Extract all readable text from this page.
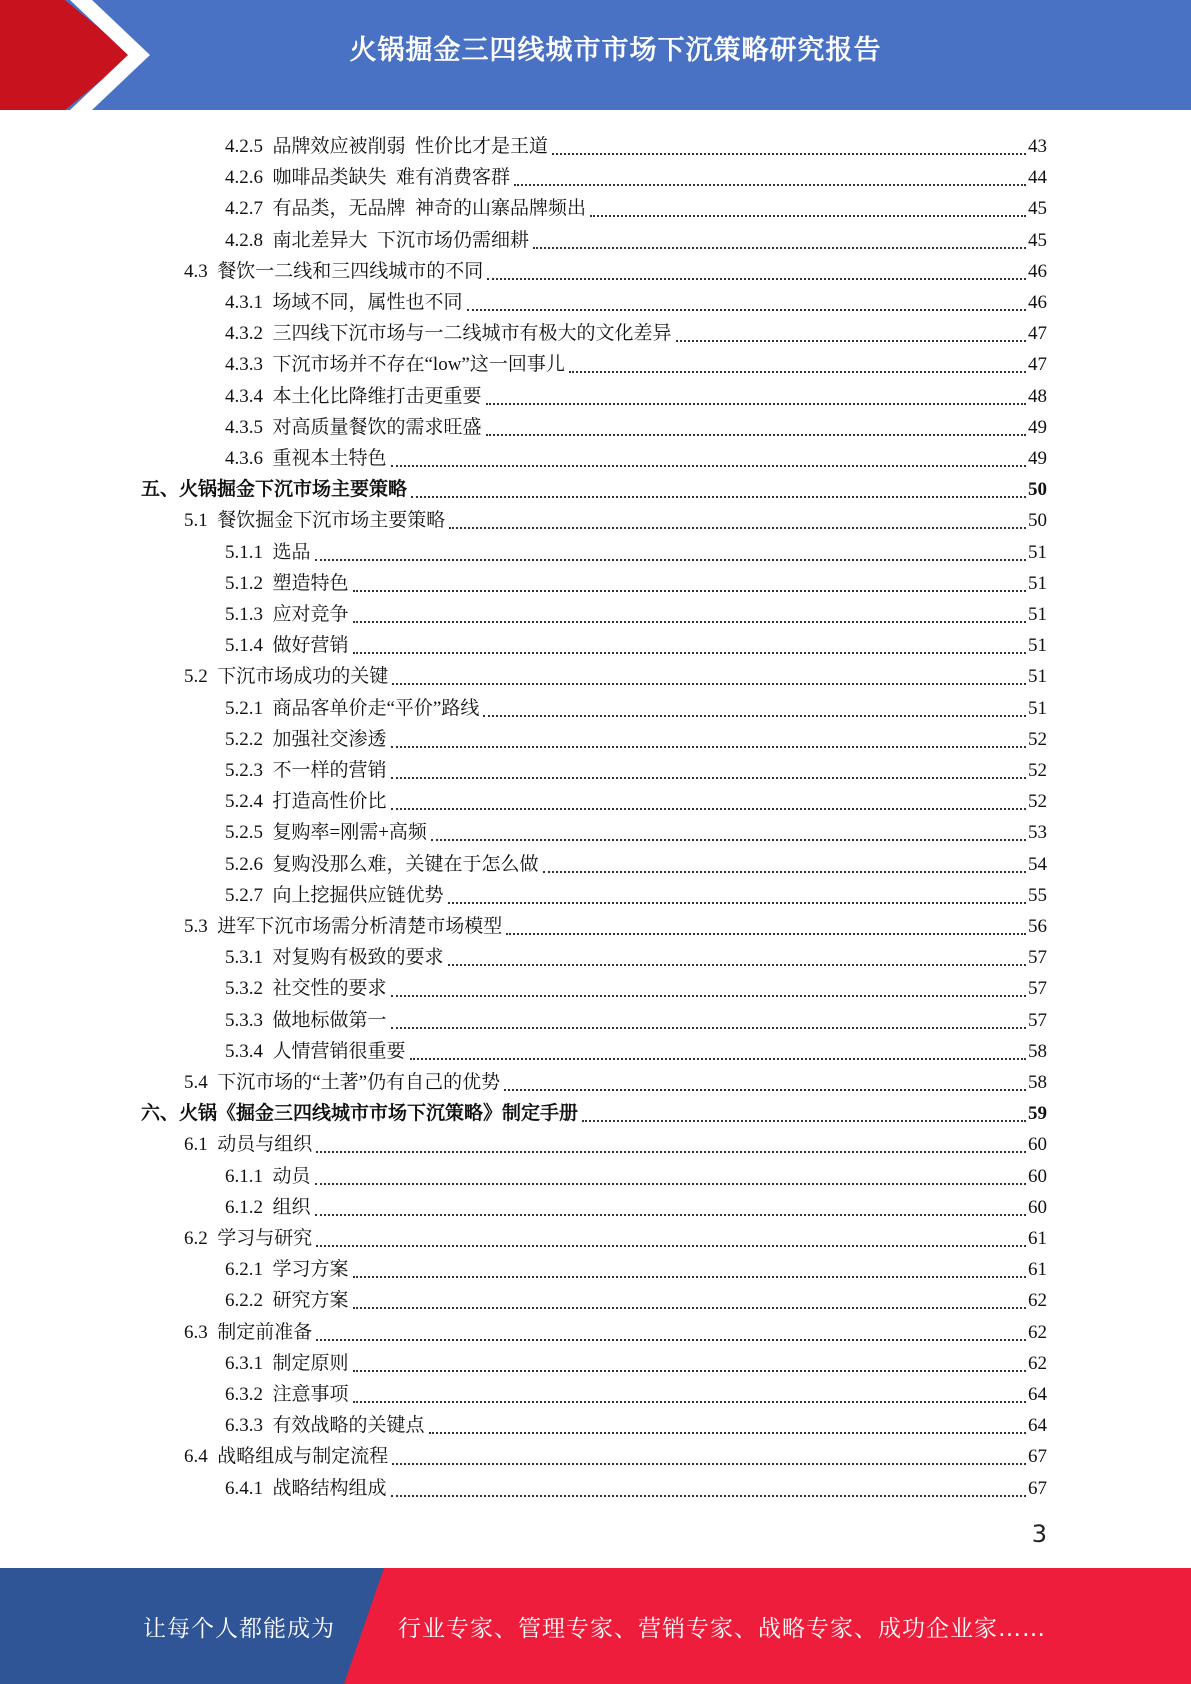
火锅掘金三四线城市市场下沉策略研究报告
4.2.5  品牌效应被削弱  性价比才是王道	43
4.2.6  咖啡品类缺失  难有消费客群	44
4.2.7  有品类，无品牌  神奇的山寨品牌频出	45
4.2.8  南北差异大  下沉市场仍需细耕	45
4.3  餐饮一二线和三四线城市的不同	46
4.3.1  场域不同，属性也不同	46
4.3.2  三四线下沉市场与一二线城市有极大的文化差异	47
4.3.3  下沉市场并不存在“low”这一回事儿	47
4.3.4  本土化比降维打击更重要	48
4.3.5  对高质量餐饮的需求旺盛	49
4.3.6  重视本土特色	49
五、火锅掘金下沉市场主要策略	50
5.1  餐饮掘金下沉市场主要策略	50
5.1.1  选品	51
5.1.2  塑造特色	51
5.1.3  应对竞争	51
5.1.4  做好营销	51
5.2  下沉市场成功的关键	51
5.2.1  商品客单价走“平价”路线	51
5.2.2  加强社交渗透	52
5.2.3  不一样的营销	52
5.2.4  打造高性价比	52
5.2.5  复购率=刚需+高频	53
5.2.6  复购没那么难，关键在于怎么做	54
5.2.7  向上挖掘供应链优势	55
5.3  进军下沉市场需分析清楚市场模型	56
5.3.1  对复购有极致的要求	57
5.3.2  社交性的要求	57
5.3.3  做地标做第一	57
5.3.4  人情营销很重要	58
5.4  下沉市场的“土著”仍有自己的优势	58
六、火锅《掘金三四线城市市场下沉策略》制定手册	59
6.1  动员与组织	60
6.1.1  动员	60
6.1.2  组织	60
6.2  学习与研究	61
6.2.1  学习方案	61
6.2.2  研究方案	62
6.3  制定前准备	62
6.3.1  制定原则	62
6.3.2  注意事项	64
6.3.3  有效战略的关键点	64
6.4  战略组成与制定流程	67
6.4.1  战略结构组成	67
3
让每个人都能成为	行业专家、管理专家、营销专家、战略专家、成功企业家……
